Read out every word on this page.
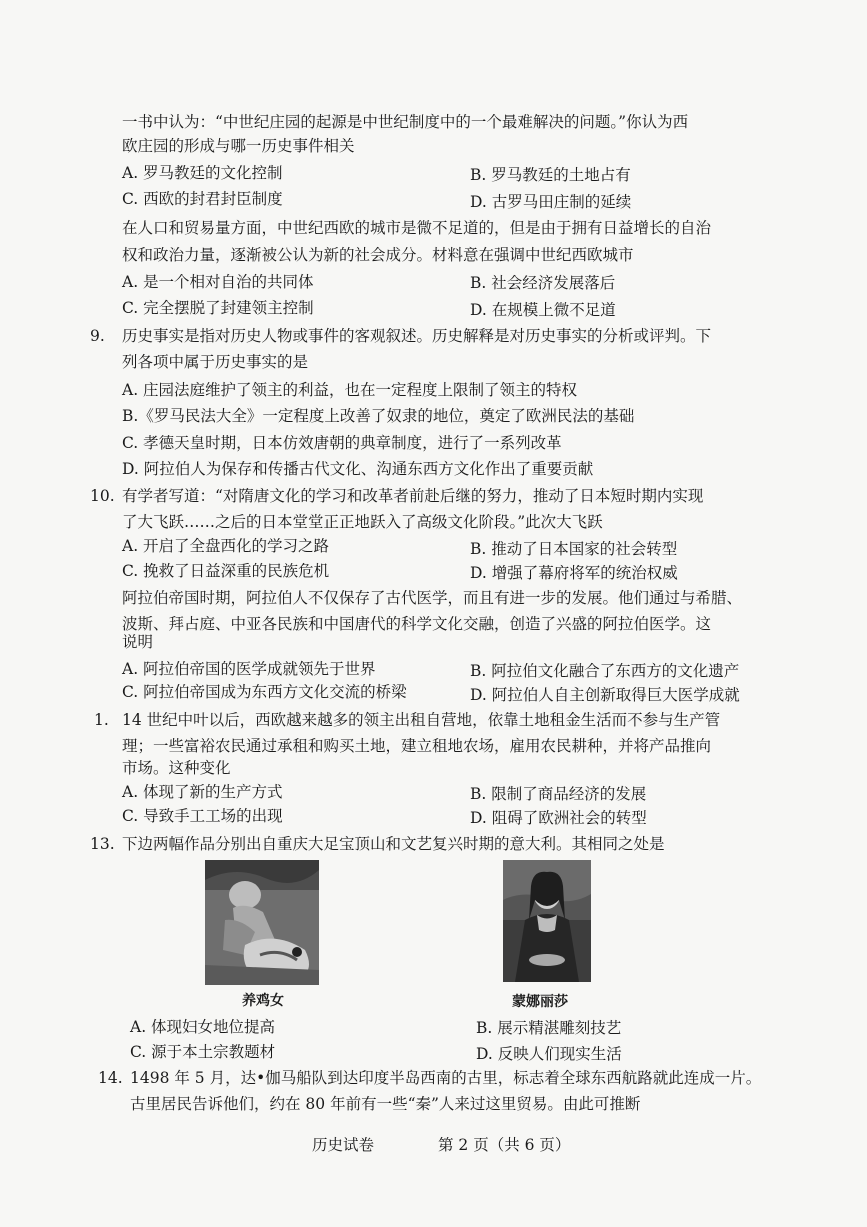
一书中认为：“中世纪庄园的起源是中世纪制度中的一个最难解决的问题。”你认为西
欧庄园的形成与哪一历史事件相关
A. 罗马教廷的文化控制	B. 罗马教廷的土地占有
C. 西欧的封君封臣制度	D. 古罗马田庄制的延续
在人口和贸易量方面，中世纪西欧的城市是微不足道的，但是由于拥有日益增长的自治
权和政治力量，逐渐被公认为新的社会成分。材料意在强调中世纪西欧城市
A. 是一个相对自治的共同体	B. 社会经济发展落后
C. 完全摆脱了封建领主控制	D. 在规模上微不足道
9. 历史事实是指对历史人物或事件的客观叙述。历史解释是对历史事实的分析或评判。下
列各项中属于历史事实的是
A. 庄园法庭维护了领主的利益，也在一定程度上限制了领主的特权
B.《罗马民法大全》一定程度上改善了奴隶的地位，奠定了欧洲民法的基础
C. 孝德天皇时期，日本仿效唐朝的典章制度，进行了一系列改革
D. 阿拉伯人为保存和传播古代文化、沟通东西方文化作出了重要贡献
10. 有学者写道：“对隋唐文化的学习和改革者前赴后继的努力，推动了日本短时期内实现
了大飞跃……之后的日本堂堂正正地跃入了高级文化阶段。”此次大飞跃
A. 开启了全盘西化的学习之路	B. 推动了日本国家的社会转型
C. 挽救了日益深重的民族危机	D. 增强了幕府将军的统治权威
阿拉伯帝国时期，阿拉伯人不仅保存了古代医学，而且有进一步的发展。他们通过与希腊、
波斯、拜占庭、中亚各民族和中国唐代的科学文化交融，创造了兴盛的阿拉伯医学。这
说明
A. 阿拉伯帝国的医学成就领先于世界	B. 阿拉伯文化融合了东西方的文化遗产
C. 阿拉伯帝国成为东西方文化交流的桥梁	D. 阿拉伯人自主创新取得巨大医学成就
1. 14 世纪中叶以后，西欧越来越多的领主出租自营地，依靠土地租金生活而不参与生产管
理；一些富裕农民通过承租和购买土地，建立租地农场，雇用农民耕种，并将产品推向
市场。这种变化
A. 体现了新的生产方式	B. 限制了商品经济的发展
C. 导致手工工场的出现	D. 阻碍了欧洲社会的转型
13. 下边两幅作品分别出自重庆大足宝顶山和文艺复兴时期的意大利。其相同之处是
养鸡女	蒙娜丽莎
A. 体现妇女地位提高	B. 展示精湛雕刻技艺
C. 源于本土宗教题材	D. 反映人们现实生活
14. 1498 年 5 月，达•伽马船队到达印度半岛西南的古里，标志着全球东西航路就此连成一片。
古里居民告诉他们，约在 80 年前有一些“秦”人来过这里贸易。由此可推断
历史试卷	第 2 页（共 6 页）
